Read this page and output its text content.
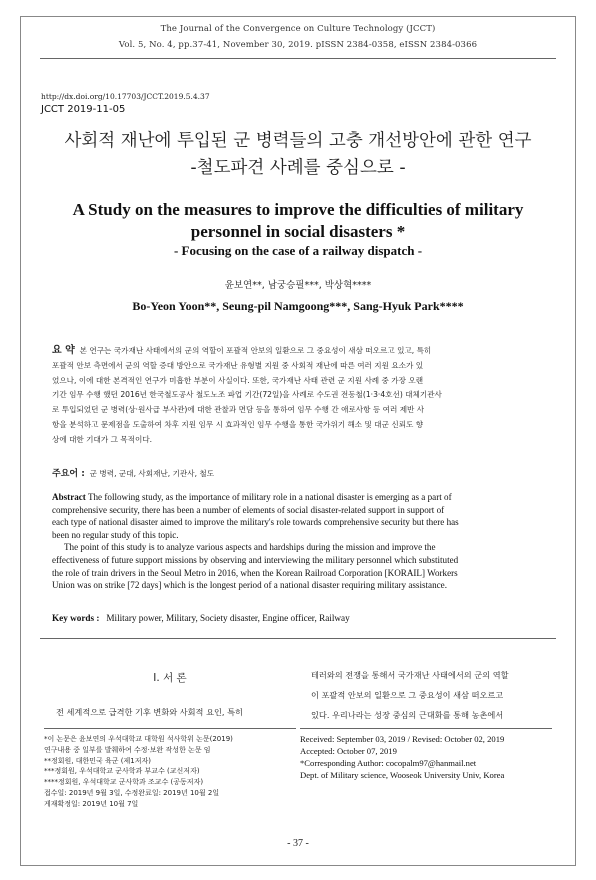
The Journal of the Convergence on Culture Technology (JCCT)
Vol. 5, No. 4, pp.37-41, November 30, 2019. pISSN 2384-0358, eISSN 2384-0366
http://dx.doi.org/10.17703/JCCT.2019.5.4.37
JCCT 2019-11-05
사회적 재난에 투입된 군 병력들의 고충 개선방안에 관한 연구
-철도파견 사례를 중심으로 -
A Study on the measures to improve the difficulties of military
personnel in social disasters *
- Focusing on the case of a railway dispatch -
윤보연**, 남궁승필***, 박상혁****
Bo-Yeon Yoon**, Seung-pil Namgoong***, Sang-Hyuk Park****
요 약 본 연구는 국가재난 사태에서의 군의 역할이 포괄적 안보의 일환으로 그 중요성이 새삼 떠오르고 있고, 특히
포괄적 안보 측면에서 군의 역할 증대 방안으로 국가재난 유형별 지원 중 사회적 재난에 따른 여러 지원 요소가 있
었으나, 이에 대한 본격적인 연구가 미흡한 부분이 사실이다. 또한, 국가재난 사태 관련 군 지원 사례 중 가장 오랜
기간 임무 수행 했던 2016년 한국철도공사 철도노조 파업 기간(72일)을 사례로 수도권 전동철(1·3·4호선) 대체기관사
로 투입되었던 군 병력(상·원사급 부사관)에 대한 관찰과 면담 등을 통하여 임무 수행 간 애로사항 등 여러 제반 사
항을 분석하고 문제점을 도출하여 차후 지원 임무 시 효과적인 임무 수행을 통한 국가위기 해소 및 대군 신뢰도 향
상에 대한 기대가 그 목적이다.
주요어 : 군 병력, 군대, 사회재난, 기관사, 철도
Abstract The following study, as the importance of military role in a national disaster is emerging as a part of
comprehensive security, there has been a number of elements of social disaster-related support in support of
each type of national disaster aimed to improve the military's role towards comprehensive security but there has
been no regular study of this topic.
The point of this study is to analyze various aspects and hardships during the mission and improve the
effectiveness of future support missions by observing and interviewing the military personnel which substituted
the role of train drivers in the Seoul Metro in 2016, when the Korean Railroad Corporation [KORAIL] Workers
Union was on strike [72 days] which is the longest period of a national disaster requiring military assistance.
Key words : Military power, Military, Society disaster, Engine officer, Railway
Ⅰ. 서 론
전 세계적으로 급격한 기후 변화와 사회적 요인, 특히
테러와의 전쟁을 통해서 국가재난 사태에서의 군의 역할
이 포괄적 안보의 일환으로 그 중요성이 새삼 떠오르고
있다. 우리나라는 성장 중심의 근대화를 통해 농촌에서
*이 논문은 윤보연의 우석대학교 대학원 석사학위 논문(2019)
연구내용 중 일부를 발췌하여 수정·보완 작성한 논문 임
**정회원, 대한민국 육군 (제1저자)
***정회원, 우석대학교 군사학과 부교수 (교신저자)
****정회원, 우석대학교 군사학과 조교수 (공동저자)
접수일: 2019년 9월 3일, 수정완료일: 2019년 10월 2일
게재확정일: 2019년 10월 7일
Received: September 03, 2019 / Revised: October 02, 2019
Accepted: October 07, 2019
*Corresponding Author: cocopalm97@hanmail.net
Dept. of Military science, Wooseok University Univ, Korea
- 37 -
